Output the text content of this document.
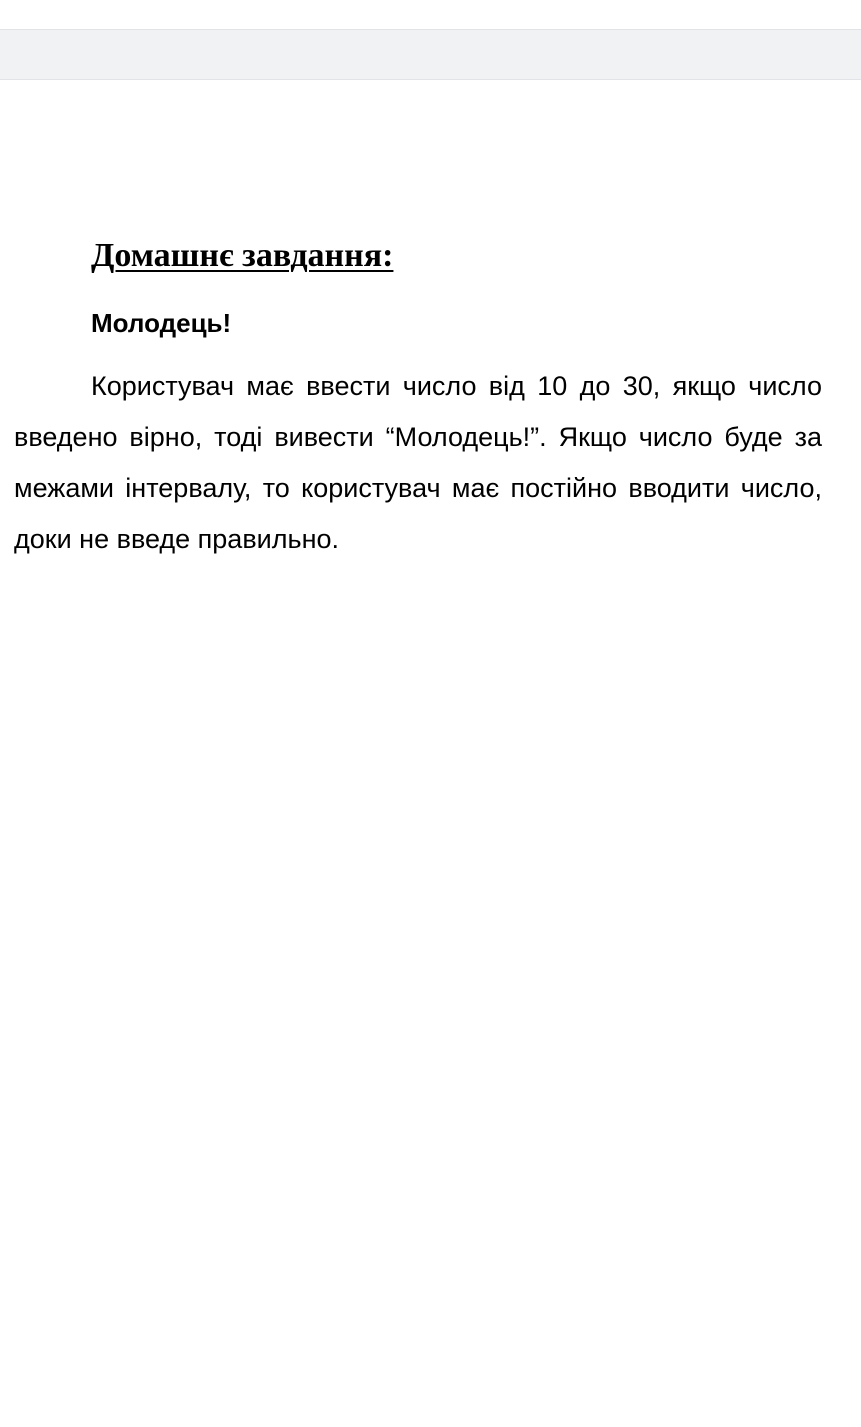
Домашнє завдання:
Молодець!

Користувач має ввести число від 10 до 30, якщо число введено вірно, тоді вивести “Молодець!”. Якщо число буде за межами інтервалу, то користувач має постійно вводити число, доки не введе правильно.
